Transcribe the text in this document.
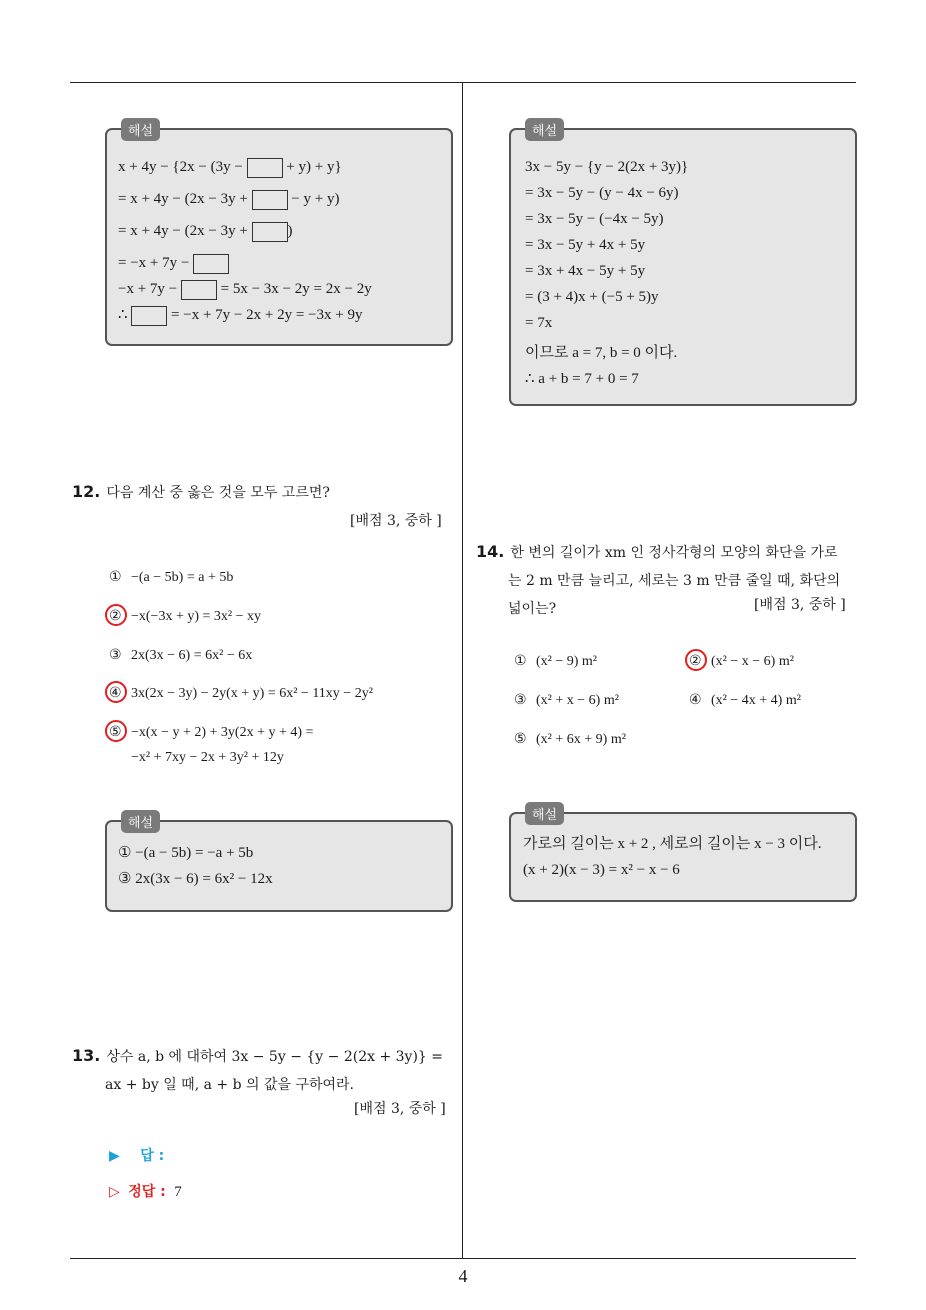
해설
x + 4y − {2x − (3y −  + y) + y}
= x + 4y − (2x − 3y +  − y + y)
= x + 4y − (2x − 3y + )
= −x + 7y −
−x + 7y −  = 5x − 3x − 2y = 2x − 2y
∴  = −x + 7y − 2x + 2y = −3x + 9y
12. 다음 계산 중 옳은 것을 모두 고르면?
[배점 3, 중하 ]
① −(a − 5b) = a + 5b
② −x(−3x + y) = 3x² − xy
③ 2x(3x − 6) = 6x² − 6x
④ 3x(2x − 3y) − 2y(x + y) = 6x² − 11xy − 2y²
⑤ −x(x − y + 2) + 3y(2x + y + 4) =
−x² + 7xy − 2x + 3y² + 12y
해설
① −(a − 5b) = −a + 5b
③ 2x(3x − 6) = 6x² − 12x
13. 상수 a, b 에 대하여 3x − 5y − {y − 2(2x + 3y)} =
ax + by 일 때, a + b 의 값을 구하여라.
[배점 3, 중하 ]
▶ 답 :
▷ 정답 : 7
해설
3x − 5y − {y − 2(2x + 3y)}
= 3x − 5y − (y − 4x − 6y)
= 3x − 5y − (−4x − 5y)
= 3x − 5y + 4x + 5y
= 3x + 4x − 5y + 5y
= (3 + 4)x + (−5 + 5)y
= 7x
이므로 a = 7, b = 0 이다.
∴ a + b = 7 + 0 = 7
14. 한 변의 길이가 xm 인 정사각형의 모양의 화단을 가로
는 2 m 만큼 늘리고, 세로는 3 m 만큼 줄일 때, 화단의
넓이는?	[배점 3, 중하 ]
① (x² − 9) m²	② (x² − x − 6) m²
③ (x² + x − 6) m²	④ (x² − 4x + 4) m²
⑤ (x² + 6x + 9) m²
해설
가로의 길이는 x + 2 , 세로의 길이는 x − 3 이다.
(x + 2)(x − 3) = x² − x − 6
4
